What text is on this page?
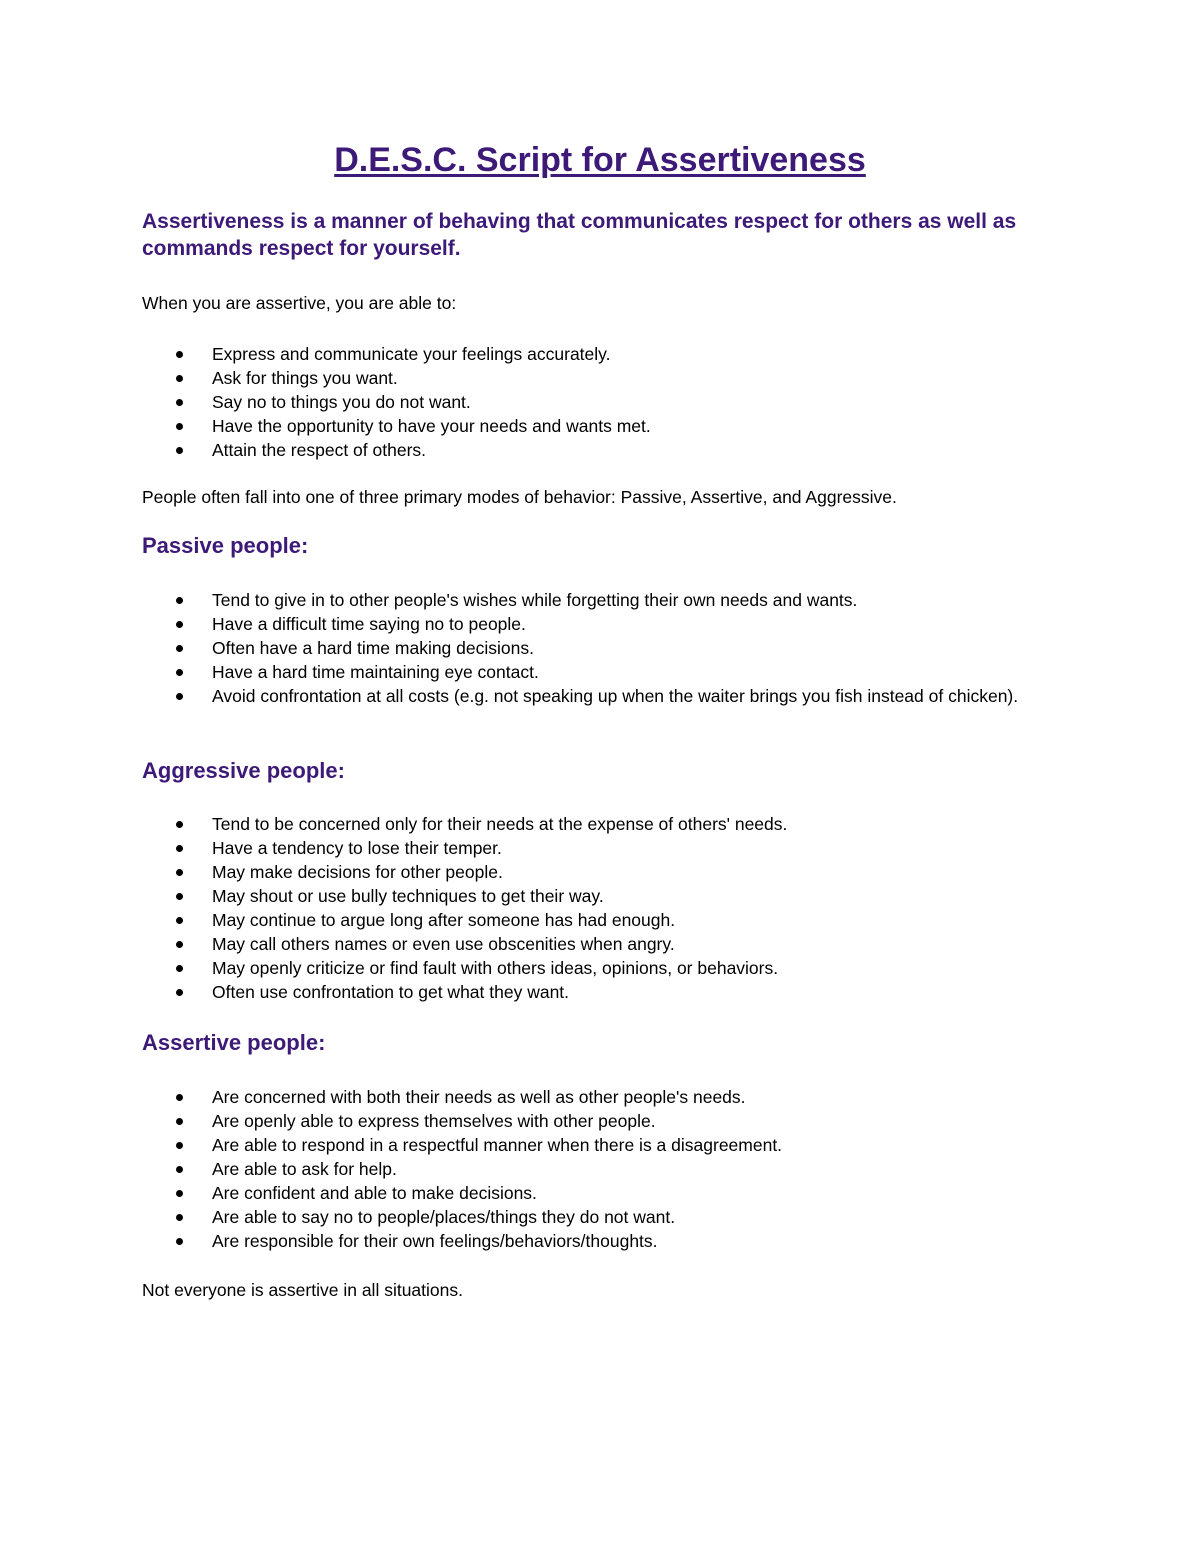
D.E.S.C. Script for Assertiveness
Assertiveness is a manner of behaving that communicates respect for others as well as commands respect for yourself.
When you are assertive, you are able to:
Express and communicate your feelings accurately.
Ask for things you want.
Say no to things you do not want.
Have the opportunity to have your needs and wants met.
Attain the respect of others.
People often fall into one of three primary modes of behavior: Passive, Assertive, and Aggressive.
Passive people:
Tend to give in to other people's wishes while forgetting their own needs and wants.
Have a difficult time saying no to people.
Often have a hard time making decisions.
Have a hard time maintaining eye contact.
Avoid confrontation at all costs (e.g. not speaking up when the waiter brings you fish instead of chicken).
Aggressive people:
Tend to be concerned only for their needs at the expense of others' needs.
Have a tendency to lose their temper.
May make decisions for other people.
May shout or use bully techniques to get their way.
May continue to argue long after someone has had enough.
May call others names or even use obscenities when angry.
May openly criticize or find fault with others ideas, opinions, or behaviors.
Often use confrontation to get what they want.
Assertive people:
Are concerned with both their needs as well as other people's needs.
Are openly able to express themselves with other people.
Are able to respond in a respectful manner when there is a disagreement.
Are able to ask for help.
Are confident and able to make decisions.
Are able to say no to people/places/things they do not want.
Are responsible for their own feelings/behaviors/thoughts.
Not everyone is assertive in all situations.
